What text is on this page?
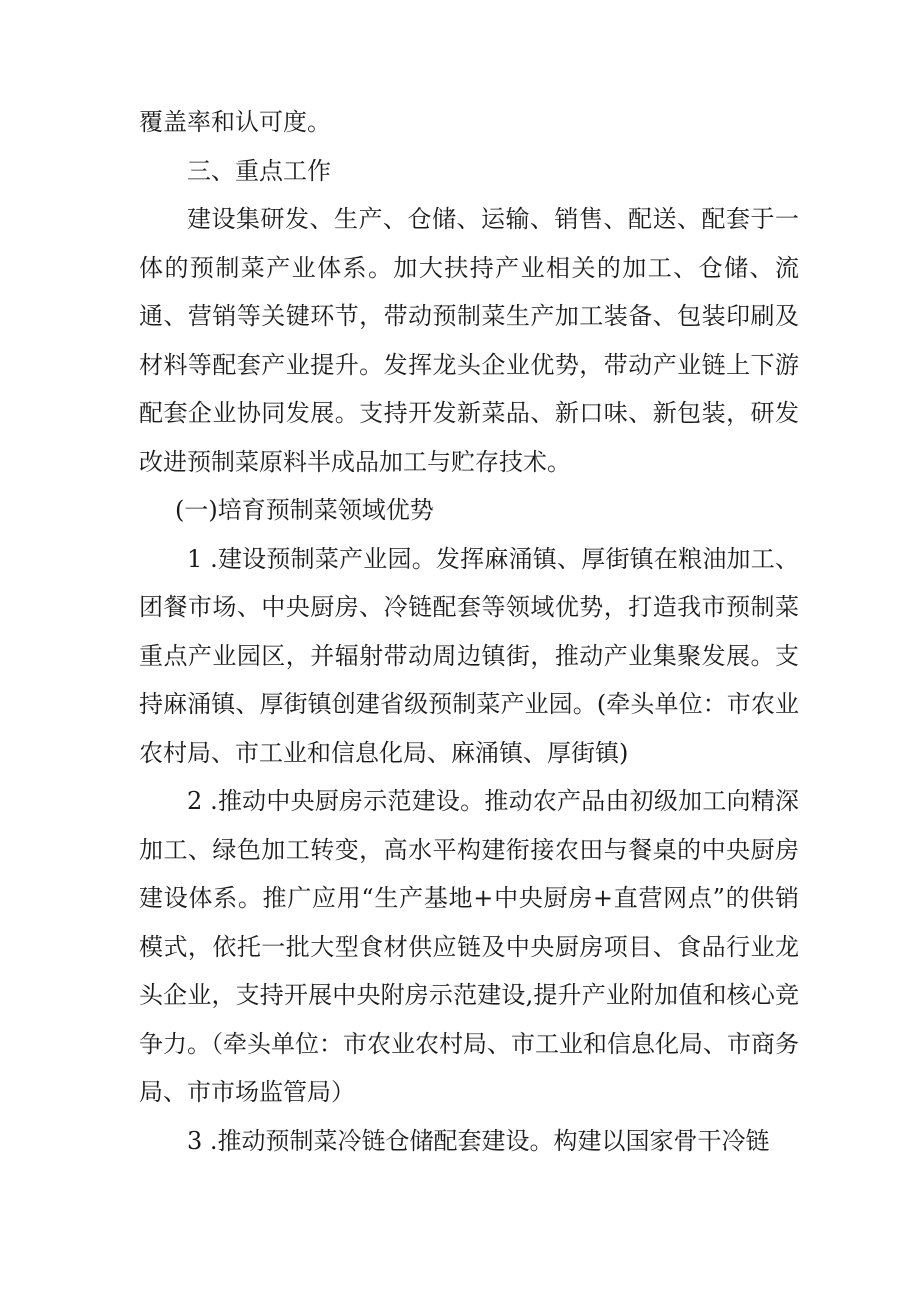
覆盖率和认可度。

三、重点工作

建设集研发、生产、仓储、运输、销售、配送、配套于一体的预制菜产业体系。加大扶持产业相关的加工、仓储、流通、营销等关键环节，带动预制菜生产加工装备、包装印刷及材料等配套产业提升。发挥龙头企业优势，带动产业链上下游配套企业协同发展。支持开发新菜品、新口味、新包装，研发改进预制菜原料半成品加工与贮存技术。

(一)培育预制菜领域优势

1 .建设预制菜产业园。发挥麻涌镇、厚街镇在粮油加工、团餐市场、中央厨房、冷链配套等领域优势，打造我市预制菜重点产业园区，并辐射带动周边镇街，推动产业集聚发展。支持麻涌镇、厚街镇创建省级预制菜产业园。(牵头单位：市农业农村局、市工业和信息化局、麻涌镇、厚街镇)

2 .推动中央厨房示范建设。推动农产品由初级加工向精深加工、绿色加工转变，高水平构建衔接农田与餐桌的中央厨房建设体系。推广应用“生产基地+中央厨房+直营网点”的供销模式，依托一批大型食材供应链及中央厨房项目、食品行业龙头企业，支持开展中央附房示范建设,提升产业附加值和核心竞争力。（牵头单位：市农业农村局、市工业和信息化局、市商务局、市市场监管局）

3 .推动预制菜冷链仓储配套建设。构建以国家骨干冷链
